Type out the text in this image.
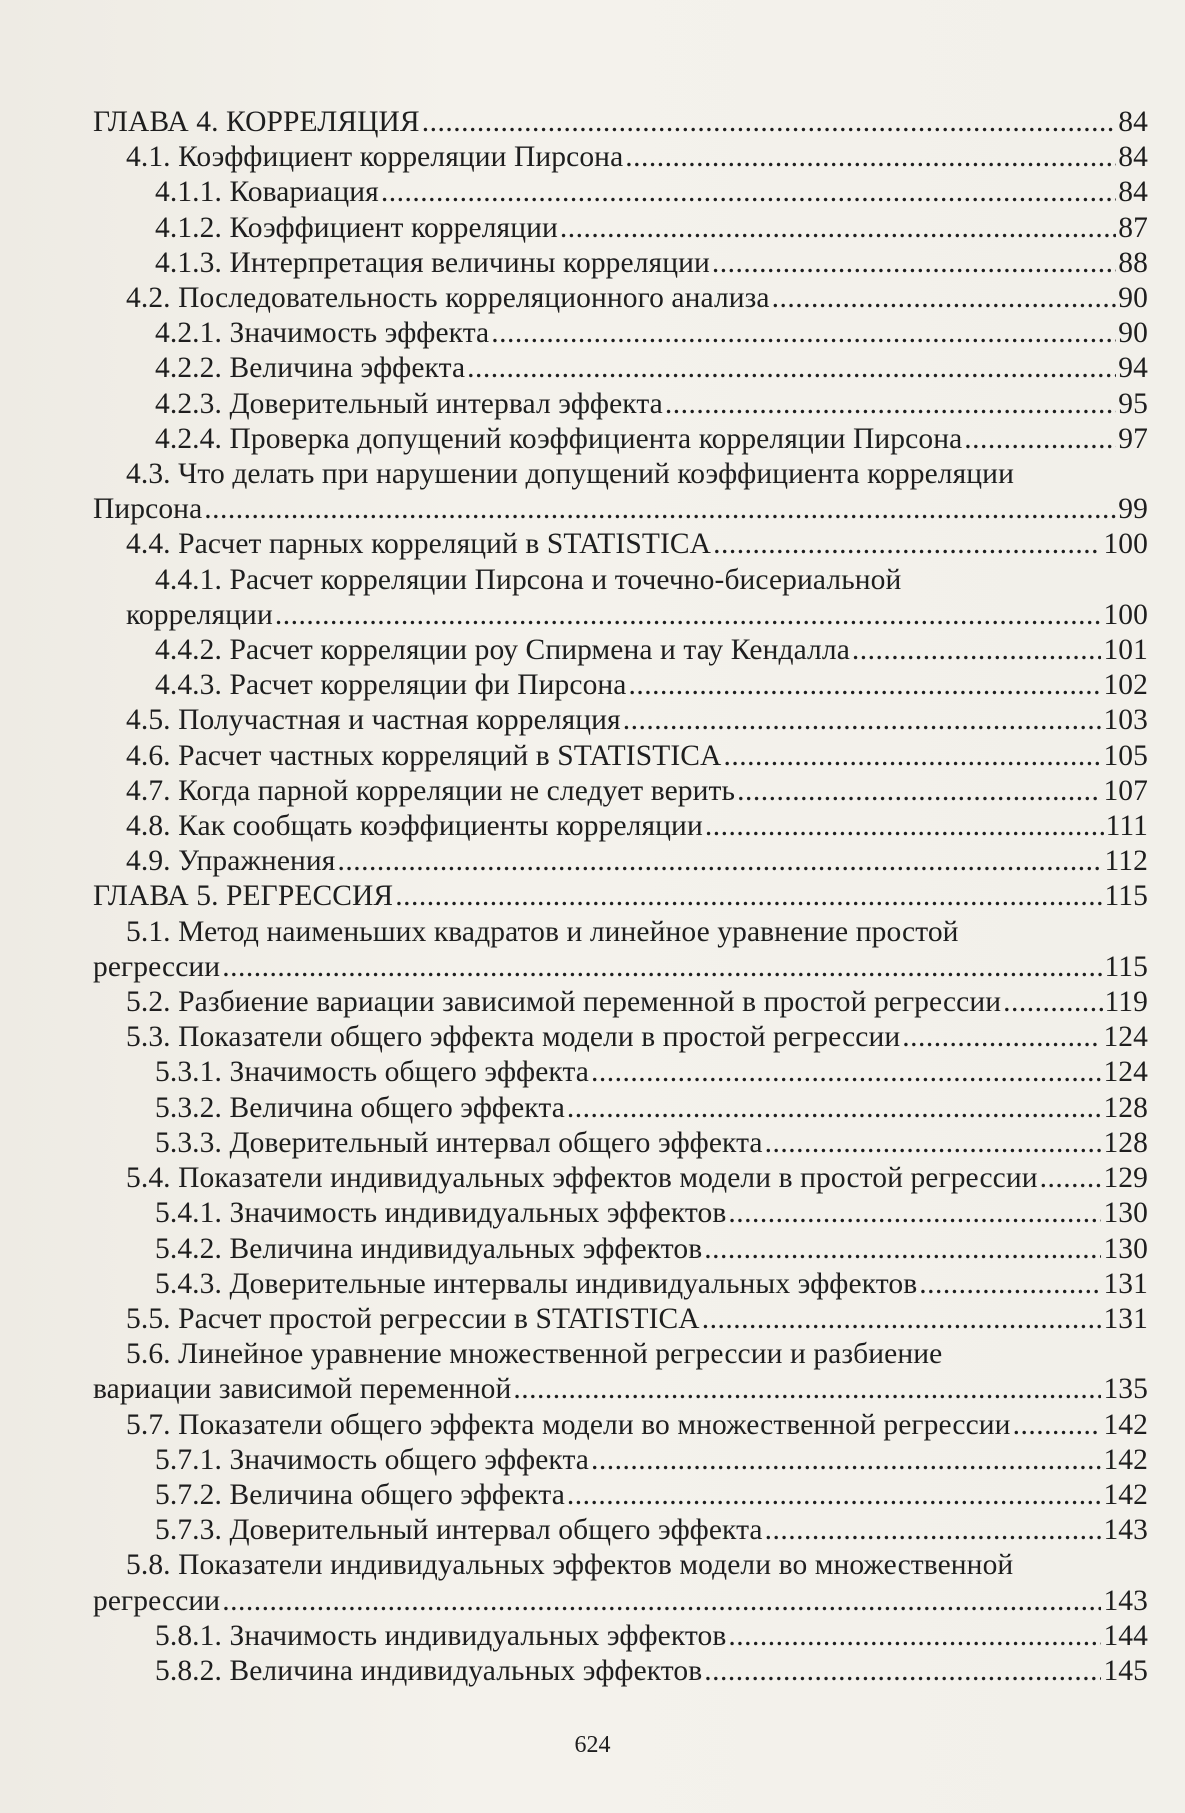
ГЛАВА 4. КОРРЕЛЯЦИЯ .....	84
4.1. Коэффициент корреляции Пирсона .....	84
4.1.1. Ковариация .....	84
4.1.2. Коэффициент корреляции .....	87
4.1.3. Интерпретация величины корреляции .....	88
4.2. Последовательность корреляционного анализа .....	90
4.2.1. Значимость эффекта .....	90
4.2.2. Величина эффекта .....	94
4.2.3. Доверительный интервал эффекта .....	95
4.2.4. Проверка допущений коэффициента корреляции Пирсона .....	97
4.3. Что делать при нарушении допущений коэффициента корреляции
Пирсона .....	99
4.4. Расчет парных корреляций в STATISTICA .....	100
4.4.1. Расчет корреляции Пирсона и точечно-бисериальной
корреляции .....	100
4.4.2. Расчет корреляции роу Спирмена и тау Кендалла .....	101
4.4.3. Расчет корреляции фи Пирсона .....	102
4.5. Получастная и частная корреляция .....	103
4.6. Расчет частных корреляций в STATISTICA .....	105
4.7. Когда парной корреляции не следует верить .....	107
4.8. Как сообщать коэффициенты корреляции .....	111
4.9. Упражнения .....	112
ГЛАВА 5. РЕГРЕССИЯ .....	115
5.1. Метод наименьших квадратов и линейное уравнение простой
регрессии .....	115
5.2. Разбиение вариации зависимой переменной в простой регрессии .....	119
5.3. Показатели общего эффекта модели в простой регрессии .....	124
5.3.1. Значимость общего эффекта .....	124
5.3.2. Величина общего эффекта .....	128
5.3.3. Доверительный интервал общего эффекта .....	128
5.4. Показатели индивидуальных эффектов модели в простой регрессии ..... 129
5.4.1. Значимость индивидуальных эффектов .....	130
5.4.2. Величина индивидуальных эффектов .....	130
5.4.3. Доверительные интервалы индивидуальных эффектов .....	131
5.5. Расчет простой регрессии в STATISTICA .....	131
5.6. Линейное уравнение множественной регрессии и разбиение
вариации зависимой переменной .....	135
5.7. Показатели общего эффекта модели во множественной регрессии .....	142
5.7.1. Значимость общего эффекта .....	142
5.7.2. Величина общего эффекта .....	142
5.7.3. Доверительный интервал общего эффекта .....	143
5.8. Показатели индивидуальных эффектов модели во множественной
регрессии .....	143
5.8.1. Значимость индивидуальных эффектов .....	144
5.8.2. Величина индивидуальных эффектов .....	145
624
